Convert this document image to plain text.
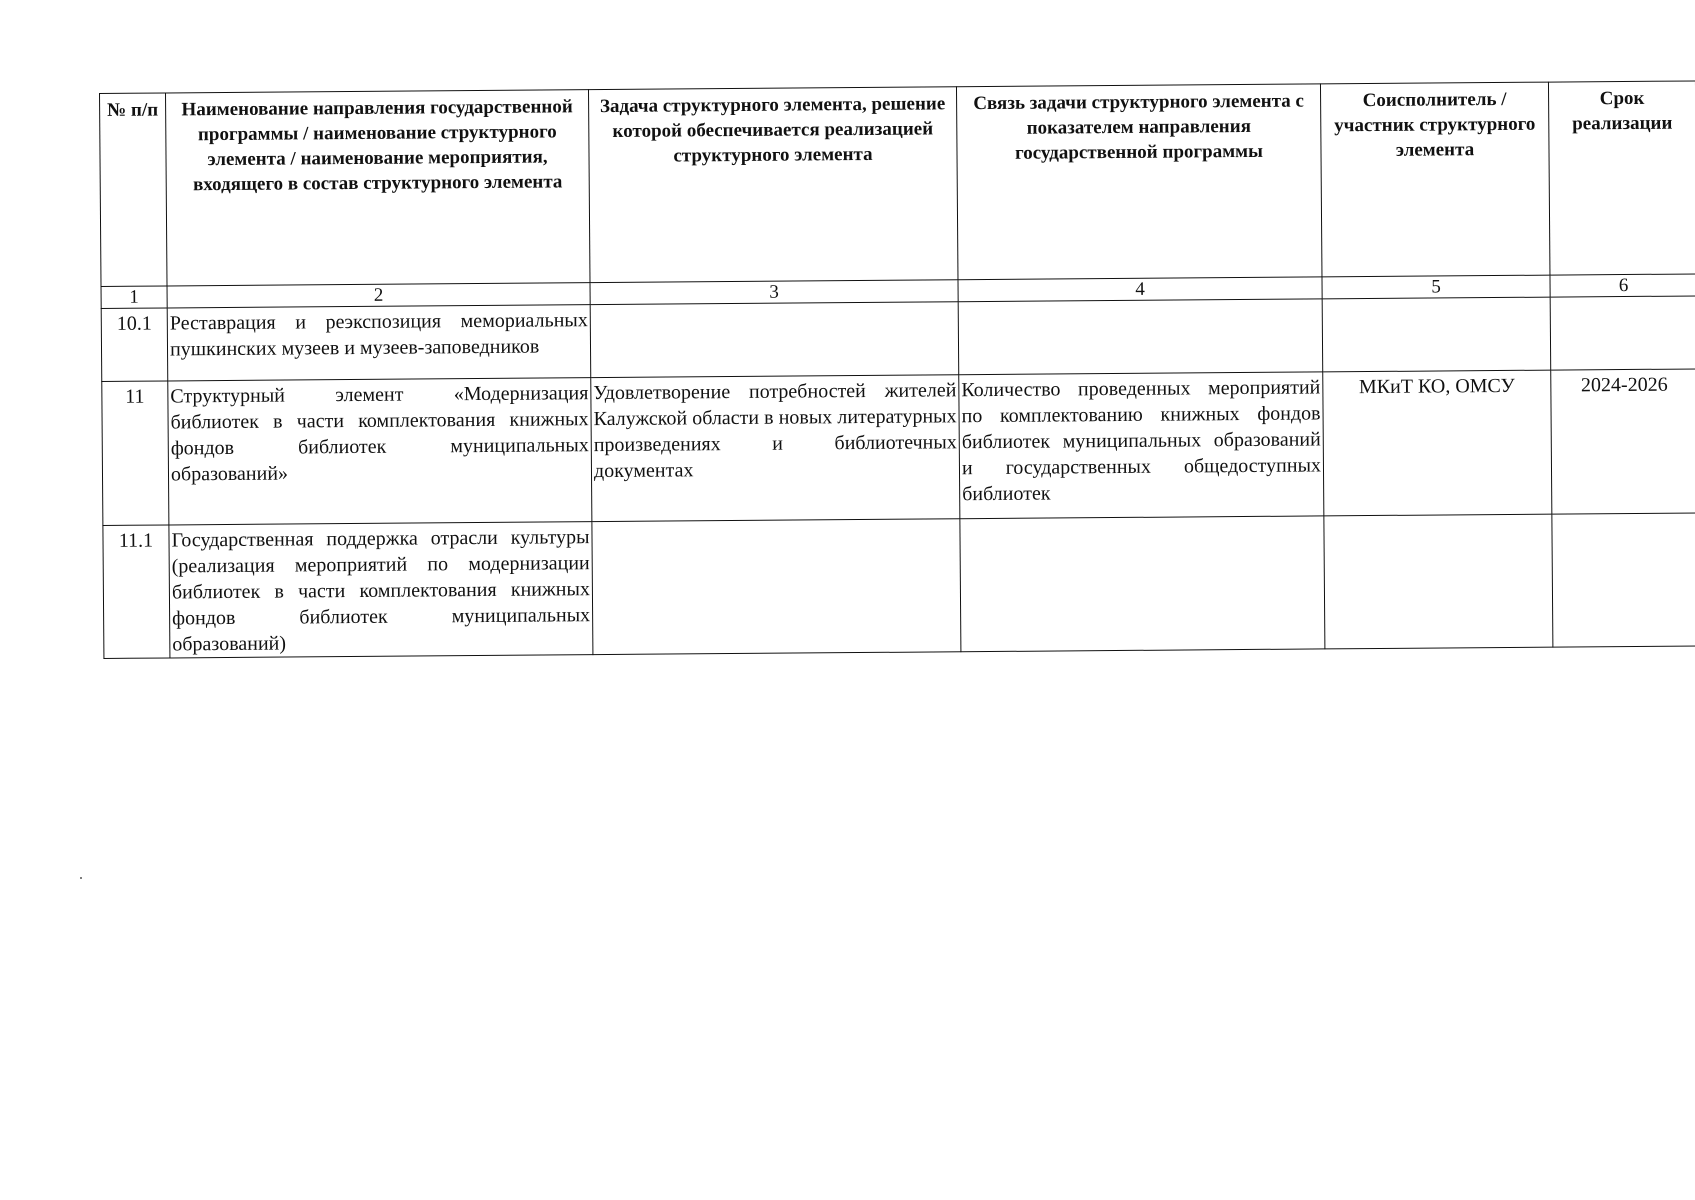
№ п/п	Наименование направления государственной программы / наименование структурного элемента / наименование мероприятия, входящего в состав структурного элемента	Задача структурного элемента, решение которой обеспечивается реализацией структурного элемента	Связь задачи структурного элемента с показателем направления государственной программы	Соисполнитель / участник структурного элемента	Срок реализации
1	2	3	4	5	6
10.1	Реставрация и реэкспозиция мемориальных пушкинских музеев и музеев-заповедников				
11	Структурный элемент «Модернизация библиотек в части комплектования книжных фондов библиотек муниципальных образований»	Удовлетворение потребностей жителей Калужской области в новых литературных произведениях и библиотечных документах	Количество проведенных мероприятий по комплектованию книжных фондов библиотек муниципальных образований и государственных общедоступных библиотек	МКиТ КО, ОМСУ	2024-2026
11.1	Государственная поддержка отрасли культуры (реализация мероприятий по модернизации библиотек в части комплектования книжных фондов библиотек муниципальных образований)				
